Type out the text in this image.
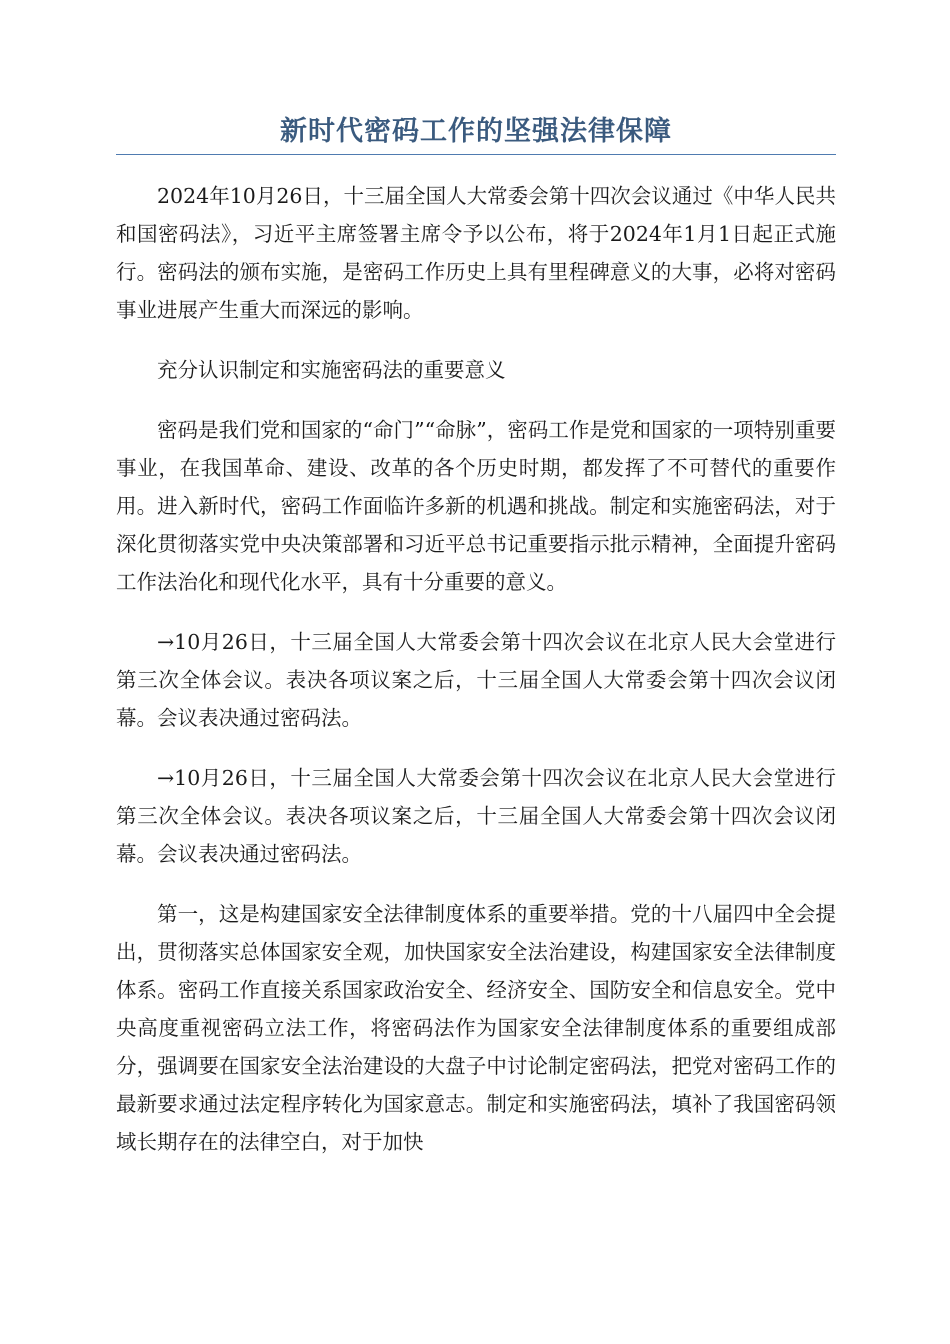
新时代密码工作的坚强法律保障

2024年10月26日，十三届全国人大常委会第十四次会议通过《中华人民共和国密码法》，习近平主席签署主席令予以公布，将于2024年1月1日起正式施行。密码法的颁布实施，是密码工作历史上具有里程碑意义的大事，必将对密码事业进展产生重大而深远的影响。

充分认识制定和实施密码法的重要意义

密码是我们党和国家的“命门”“命脉”，密码工作是党和国家的一项特别重要事业，在我国革命、建设、改革的各个历史时期，都发挥了不可替代的重要作用。进入新时代，密码工作面临许多新的机遇和挑战。制定和实施密码法，对于深化贯彻落实党中央决策部署和习近平总书记重要指示批示精神，全面提升密码工作法治化和现代化水平，具有十分重要的意义。

→10月26日，十三届全国人大常委会第十四次会议在北京人民大会堂进行第三次全体会议。表决各项议案之后，十三届全国人大常委会第十四次会议闭幕。会议表决通过密码法。

→10月26日，十三届全国人大常委会第十四次会议在北京人民大会堂进行第三次全体会议。表决各项议案之后，十三届全国人大常委会第十四次会议闭幕。会议表决通过密码法。

第一，这是构建国家安全法律制度体系的重要举措。党的十八届四中全会提出，贯彻落实总体国家安全观，加快国家安全法治建设，构建国家安全法律制度体系。密码工作直接关系国家政治安全、经济安全、国防安全和信息安全。党中央高度重视密码立法工作，将密码法作为国家安全法律制度体系的重要组成部分，强调要在国家安全法治建设的大盘子中讨论制定密码法，把党对密码工作的最新要求通过法定程序转化为国家意志。制定和实施密码法，填补了我国密码领域长期存在的法律空白，对于加快
